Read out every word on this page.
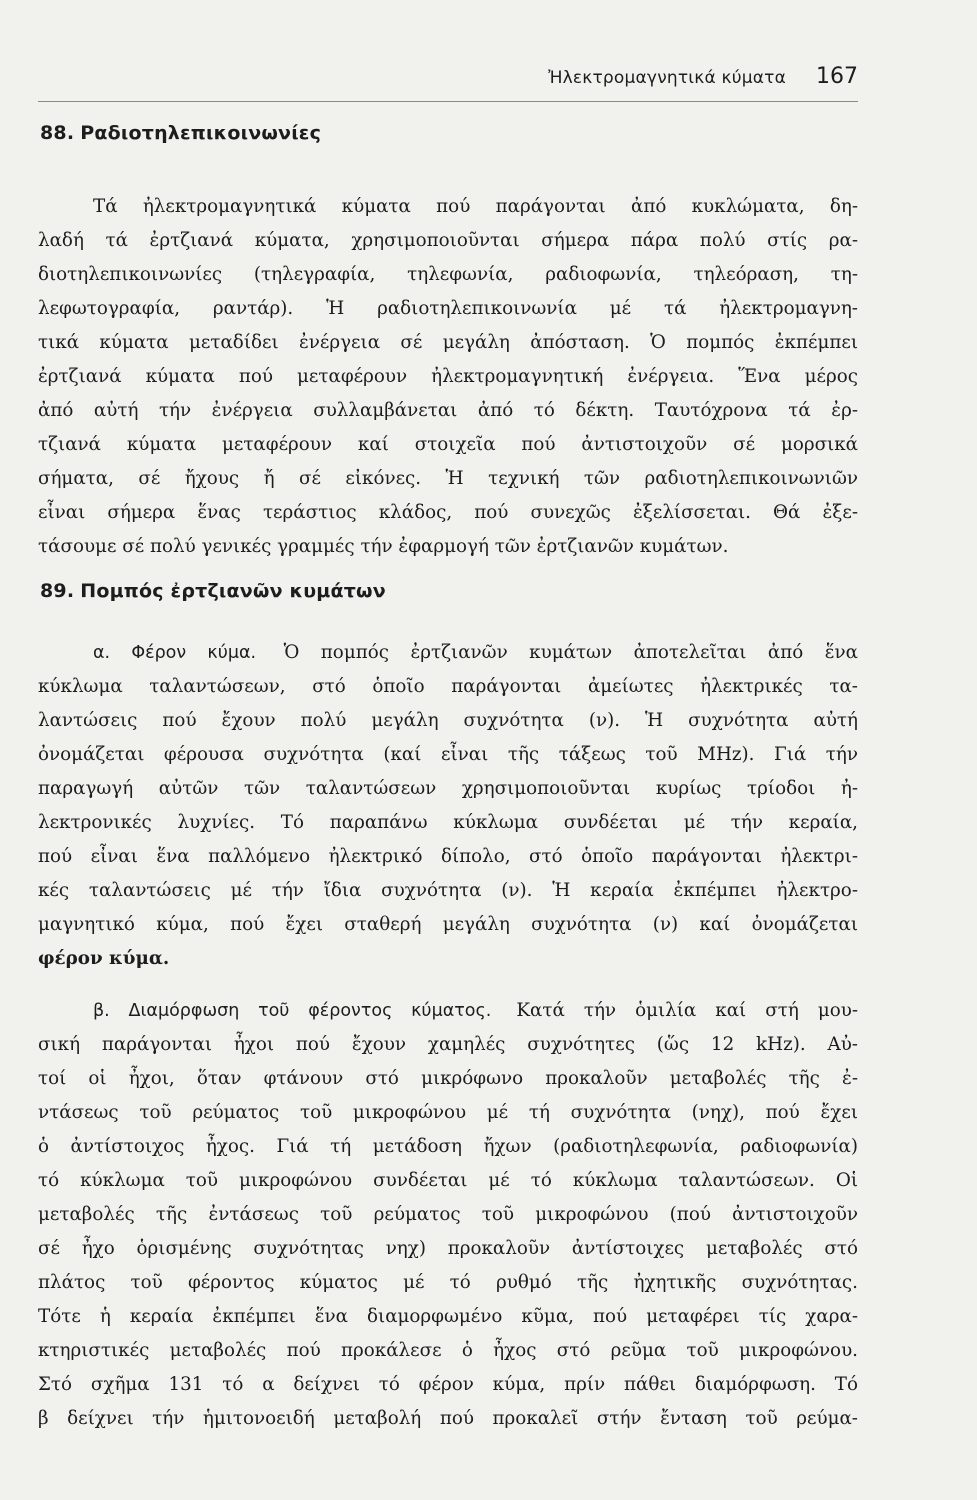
Ἠλεκτρομαγνητικά κύματα 167
88. Ραδιοτηλεπικοινωνίες
Τά ἠλεκτρομαγνητικά κύματα πού παράγονται ἀπό κυκλώματα, δη-
λαδή τά ἐρτζιανά κύματα, χρησιμοποιοῦνται σήμερα πάρα πολύ στίς ρα-
διοτηλεπικοινωνίες (τηλεγραφία, τηλεφωνία, ραδιοφωνία, τηλεόραση, τη-
λεφωτογραφία, ραντάρ). Ἡ ραδιοτηλεπικοινωνία μέ τά ἠλεκτρομαγνη-
τικά κύματα μεταδίδει ἐνέργεια σέ μεγάλη ἀπόσταση. Ὁ πομπός ἐκπέμπει
ἐρτζιανά κύματα πού μεταφέρουν ἠλεκτρομαγνητική ἐνέργεια. Ἕνα μέρος
ἀπό αὐτή τήν ἐνέργεια συλλαμβάνεται ἀπό τό δέκτη. Ταυτόχρονα τά ἐρ-
τζιανά κύματα μεταφέρουν καί στοιχεῖα πού ἀντιστοιχοῦν σέ μορσικά
σήματα, σέ ἤχους ἤ σέ εἰκόνες. Ἡ τεχνική τῶν ραδιοτηλεπικοινωνιῶν
εἶναι σήμερα ἕνας τεράστιος κλάδος, πού συνεχῶς ἐξελίσσεται. Θά ἐξε-
τάσουμε σέ πολύ γενικές γραμμές τήν ἐφαρμογή τῶν ἐρτζιανῶν κυμάτων.
89. Πομπός ἐρτζιανῶν κυμάτων
α. Φέρον κύμα. Ὁ πομπός ἐρτζιανῶν κυμάτων ἀποτελεῖται ἀπό ἕνα
κύκλωμα ταλαντώσεων, στό ὁποῖο παράγονται ἀμείωτες ἠλεκτρικές τα-
λαντώσεις πού ἔχουν πολύ μεγάλη συχνότητα (ν). Ἡ συχνότητα αὐτή
ὀνομάζεται φέρουσα συχνότητα (καί εἶναι τῆς τάξεως τοῦ MHz). Γιά τήν
παραγωγή αὐτῶν τῶν ταλαντώσεων χρησιμοποιοῦνται κυρίως τρίοδοι ἠ-
λεκτρονικές λυχνίες. Τό παραπάνω κύκλωμα συνδέεται μέ τήν κεραία,
πού εἶναι ἕνα παλλόμενο ἠλεκτρικό δίπολο, στό ὁποῖο παράγονται ἠλεκτρι-
κές ταλαντώσεις μέ τήν ἴδια συχνότητα (ν). Ἡ κεραία ἐκπέμπει ἠλεκτρο-
μαγνητικό κύμα, πού ἔχει σταθερή μεγάλη συχνότητα (ν) καί ὀνομάζεται
φέρον κύμα.
β. Διαμόρφωση τοῦ φέροντος κύματος. Κατά τήν ὁμιλία καί στή μου-
σική παράγονται ἦχοι πού ἔχουν χαμηλές συχνότητες (ὥς 12 kHz). Αὐ-
τοί οἱ ἦχοι, ὅταν φτάνουν στό μικρόφωνο προκαλοῦν μεταβολές τῆς ἐ-
ντάσεως τοῦ ρεύματος τοῦ μικροφώνου μέ τή συχνότητα (νηχ), πού ἔχει
ὁ ἀντίστοιχος ἦχος. Γιά τή μετάδοση ἤχων (ραδιοτηλεφωνία, ραδιοφωνία)
τό κύκλωμα τοῦ μικροφώνου συνδέεται μέ τό κύκλωμα ταλαντώσεων. Οἱ
μεταβολές τῆς ἐντάσεως τοῦ ρεύματος τοῦ μικροφώνου (πού ἀντιστοιχοῦν
σέ ἦχο ὁρισμένης συχνότητας νηχ) προκαλοῦν ἀντίστοιχες μεταβολές στό
πλάτος τοῦ φέροντος κύματος μέ τό ρυθμό τῆς ἠχητικῆς συχνότητας.
Τότε ἡ κεραία ἐκπέμπει ἕνα διαμορφωμένο κῦμα, πού μεταφέρει τίς χαρα-
κτηριστικές μεταβολές πού προκάλεσε ὁ ἦχος στό ρεῦμα τοῦ μικροφώνου.
Στό σχῆμα 131 τό α δείχνει τό φέρον κύμα, πρίν πάθει διαμόρφωση. Τό
β δείχνει τήν ἡμιτονοειδή μεταβολή πού προκαλεῖ στήν ἔνταση τοῦ ρεύμα-
